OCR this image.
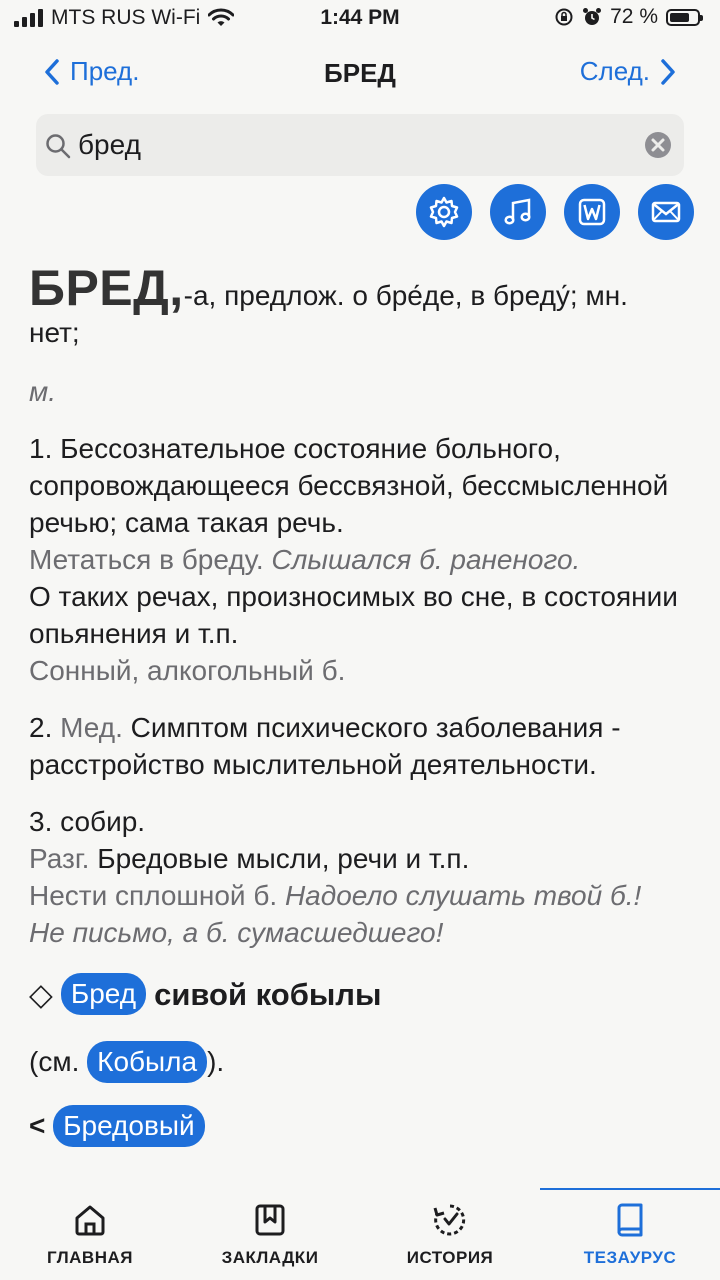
MTS RUS Wi-Fi	1:44 PM	72 %
Пред.	БРЕД	След.
бред

БРЕД,-а, предлож. о бре́де, в бреду́; мн. нет;

м.

1. Бессознательное состояние больного, сопровождающееся бессвязной, бессмысленной речью; сама такая речь.

Метаться в бреду. Слышался б. раненого.

О таких речах, произносимых во сне, в состоянии опьянения и т.п.

Сонный, алкогольный б.

2. Мед. Симптом психического заболевания - расстройство мыслительной деятельности.

3. собир.

Разг. Бредовые мысли, речи и т.п.

Нести сплошной б. Надоело слушать твой б.!

Не письмо, а б. сумасшедшего!

◇ Бред сивой кобылы

(см. Кобыла ).

< Бредовый

ГЛАВНАЯ	ЗАКЛАДКИ	ИСТОРИЯ	ТЕЗАУРУС
